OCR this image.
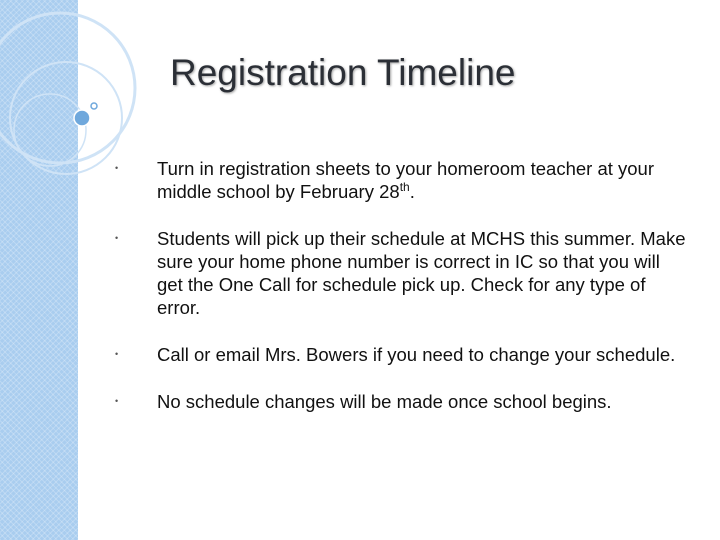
Registration Timeline
• Turn in registration sheets to your homeroom teacher at your middle school by February 28th.
• Students will pick up their schedule at MCHS this summer. Make sure your home phone number is correct in IC so that you will get the One Call for schedule pick up. Check for any type of error.
• Call or email Mrs. Bowers if you need to change your schedule.
• No schedule changes will be made once school begins.
